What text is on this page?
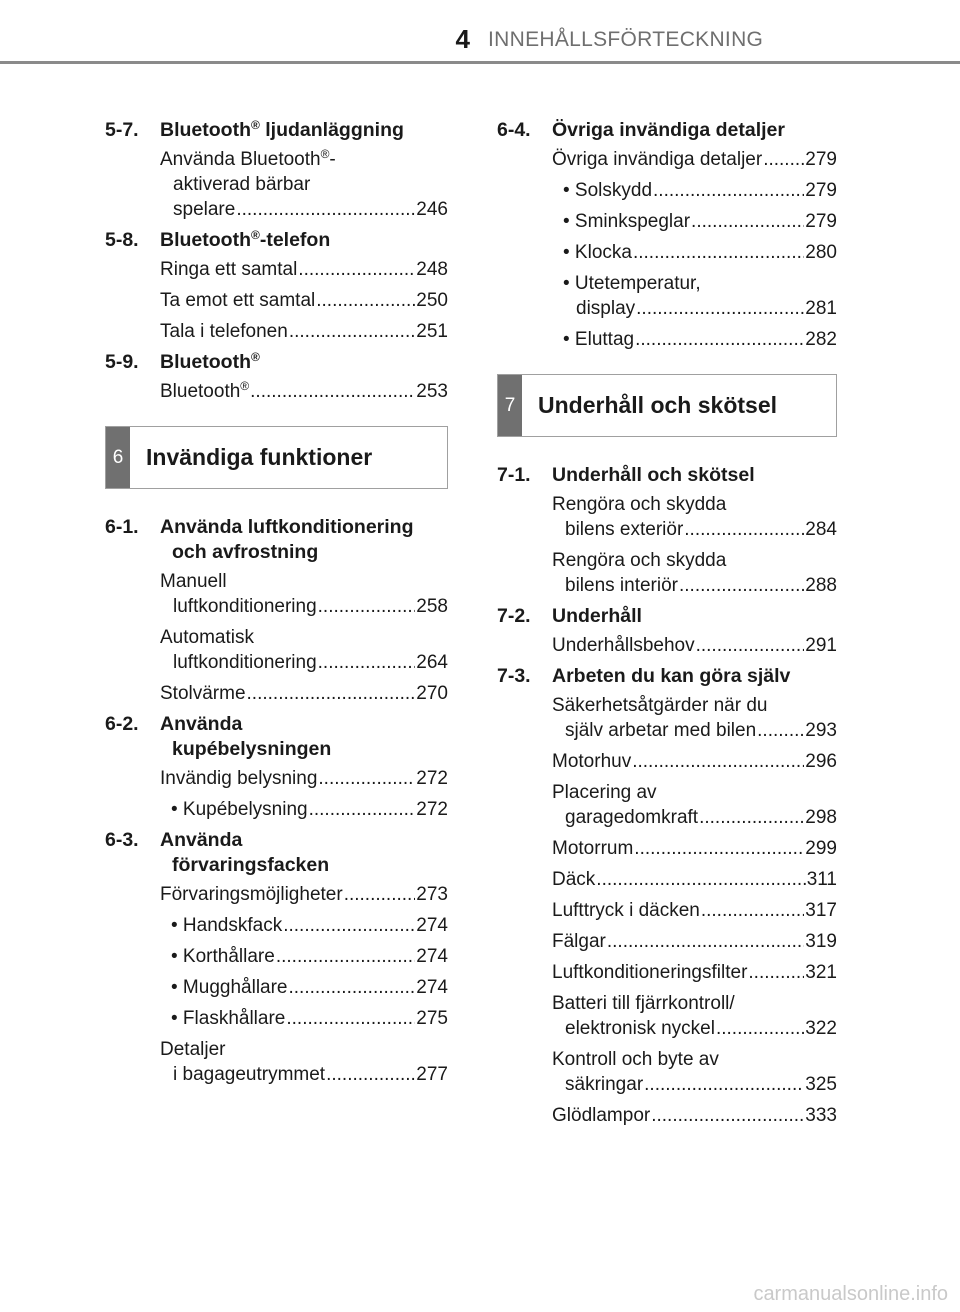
4 INNEHÅLLSFÖRTECKNING
5-7.	Bluetooth® ljudanläggning
Använda Bluetooth®-
aktiverad bärbar
spelare .....	246
5-8.	Bluetooth®-telefon
Ringa ett samtal .....	248
Ta emot ett samtal .....	250
Tala i telefonen .....	251
5-9.	Bluetooth®
Bluetooth® .....	253
6 Invändiga funktioner
6-1.	Använda luftkonditionering
och avfrostning
Manuell
luftkonditionering .....	258
Automatisk
luftkonditionering .....	264
Stolvärme .....	270
6-2.	Använda
kupébelysningen
Invändig belysning .....	272
• Kupébelysning .....	272
6-3.	Använda
förvaringsfacken
Förvaringsmöjligheter .....	273
• Handskfack .....	274
• Korthållare .....	274
• Mugghållare .....	274
• Flaskhållare .....	275
Detaljer
i bagageutrymmet .....	277
6-4.	Övriga invändiga detaljer
Övriga invändiga detaljer ..... 279
• Solskydd .....	279
• Sminkspeglar .....	279
• Klocka .....	280
• Utetemperatur,
display .....	281
• Eluttag .....	282
7 Underhåll och skötsel
7-1.	Underhåll och skötsel
Rengöra och skydda
bilens exteriör .....	284
Rengöra och skydda
bilens interiör .....	288
7-2.	Underhåll
Underhållsbehov .....	291
7-3.	Arbeten du kan göra själv
Säkerhetsåtgärder när du
själv arbetar med bilen .....	293
Motorhuv .....	296
Placering av
garagedomkraft .....	298
Motorrum .....	299
Däck .....	311
Lufttryck i däcken .....	317
Fälgar .....	319
Luftkonditioneringsfilter .....	321
Batteri till fjärrkontroll/
elektronisk nyckel .....	322
Kontroll och byte av
säkringar .....	325
Glödlampor .....	333
carmanualsonline.info
